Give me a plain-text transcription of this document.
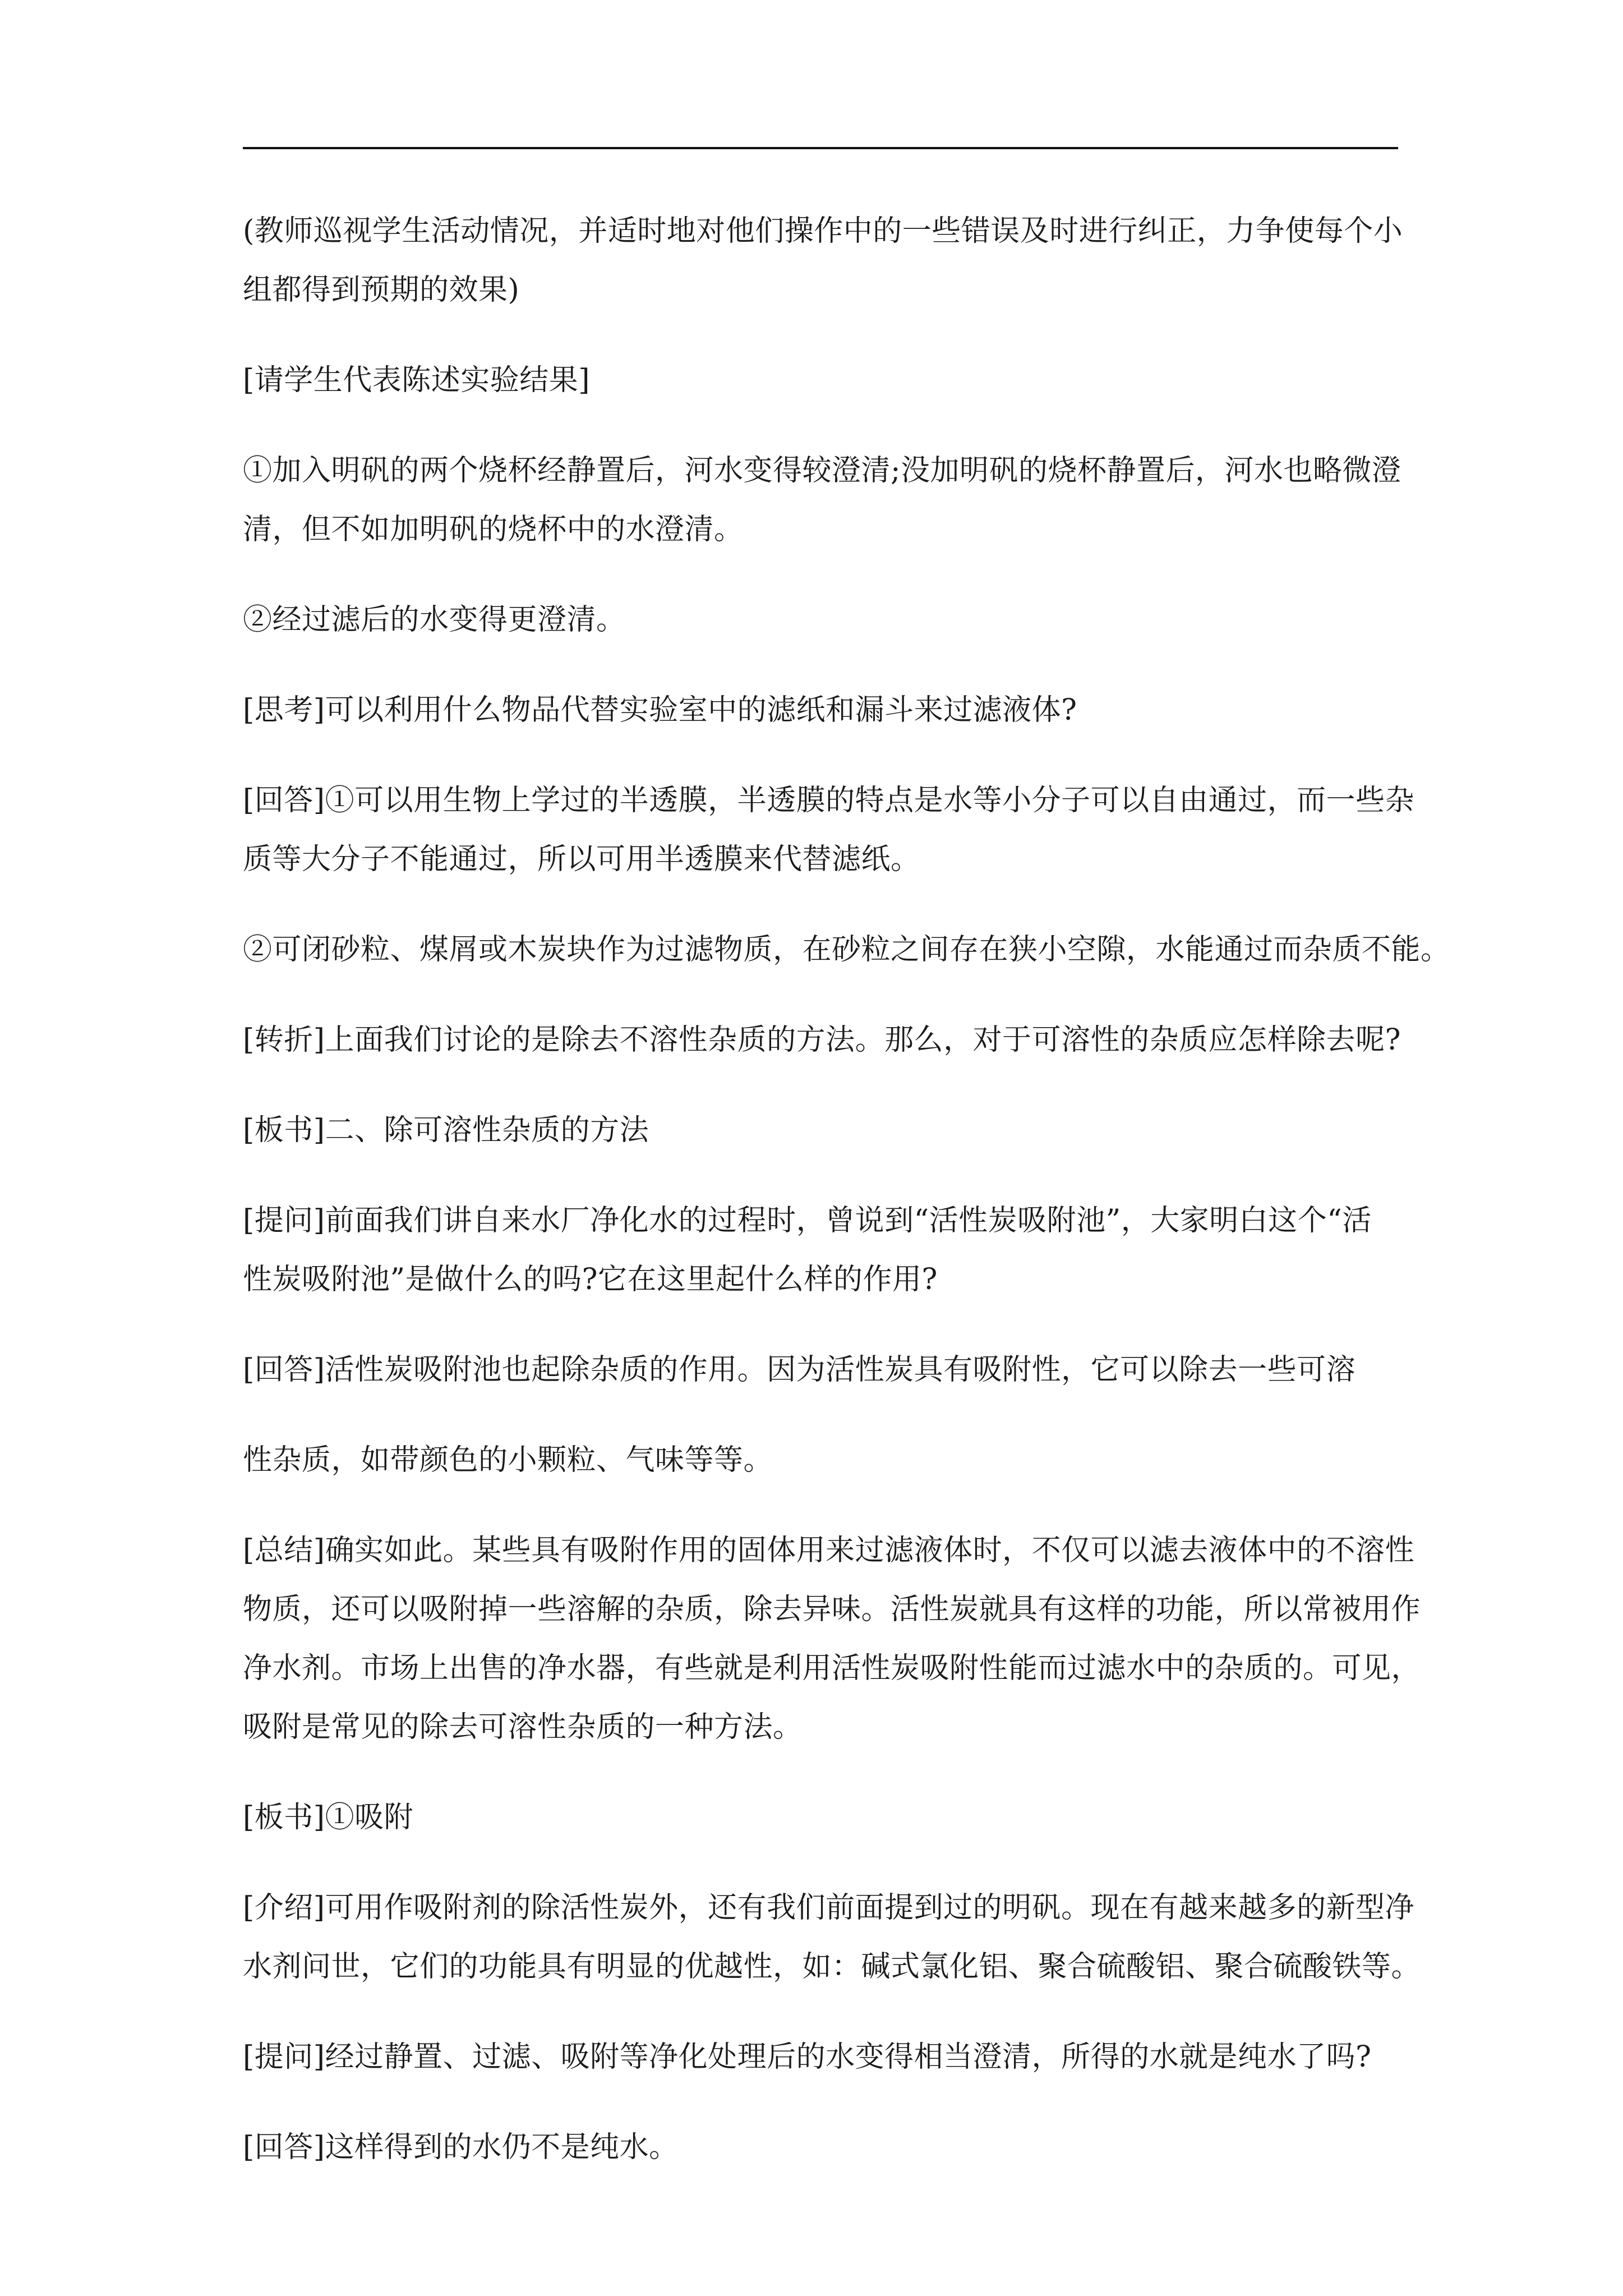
(教师巡视学生活动情况，并适时地对他们操作中的一些错误及时进行纠正，力争使每个小
组都得到预期的效果)

[请学生代表陈述实验结果]

①加入明矾的两个烧杯经静置后，河水变得较澄清;没加明矾的烧杯静置后，河水也略微澄
清，但不如加明矾的烧杯中的水澄清。

②经过滤后的水变得更澄清。

[思考]可以利用什么物品代替实验室中的滤纸和漏斗来过滤液体?

[回答]①可以用生物上学过的半透膜，半透膜的特点是水等小分子可以自由通过，而一些杂
质等大分子不能通过，所以可用半透膜来代替滤纸。

②可闭砂粒、煤屑或木炭块作为过滤物质，在砂粒之间存在狭小空隙，水能通过而杂质不能。

[转折]上面我们讨论的是除去不溶性杂质的方法。那么，对于可溶性的杂质应怎样除去呢?

[板书]二、除可溶性杂质的方法

[提问]前面我们讲自来水厂净化水的过程时，曾说到“活性炭吸附池”，大家明白这个“活
性炭吸附池”是做什么的吗?它在这里起什么样的作用?

[回答]活性炭吸附池也起除杂质的作用。因为活性炭具有吸附性，它可以除去一些可溶

性杂质，如带颜色的小颗粒、气味等等。

[总结]确实如此。某些具有吸附作用的固体用来过滤液体时，不仅可以滤去液体中的不溶性
物质，还可以吸附掉一些溶解的杂质，除去异味。活性炭就具有这样的功能，所以常被用作
净水剂。市场上出售的净水器，有些就是利用活性炭吸附性能而过滤水中的杂质的。可见，
吸附是常见的除去可溶性杂质的一种方法。

[板书]①吸附

[介绍]可用作吸附剂的除活性炭外，还有我们前面提到过的明矾。现在有越来越多的新型净
水剂问世，它们的功能具有明显的优越性，如：碱式氯化铝、聚合硫酸铝、聚合硫酸铁等。

[提问]经过静置、过滤、吸附等净化处理后的水变得相当澄清，所得的水就是纯水了吗?

[回答]这样得到的水仍不是纯水。
